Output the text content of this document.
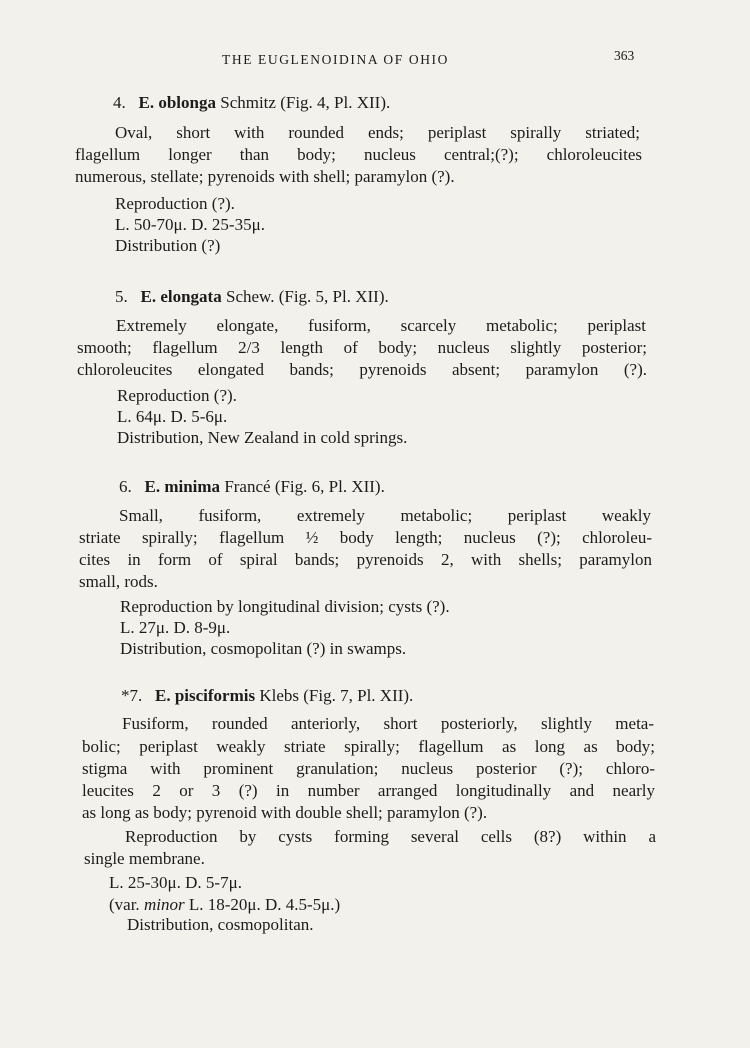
THE EUGLENOIDINA OF OHIO	363
4. E. oblonga Schmitz (Fig. 4, Pl. XII).
Oval, short with rounded ends; periplast spirally striated;
flagellum longer than body; nucleus central;(?); chloroleucites
numerous, stellate; pyrenoids with shell; paramylon (?).
Reproduction (?).
L. 50-70μ. D. 25-35μ.
Distribution (?)
5. E. elongata Schew. (Fig. 5, Pl. XII).
Extremely elongate, fusiform, scarcely metabolic; periplast
smooth; flagellum 2/3 length of body; nucleus slightly posterior;
chloroleucites elongated bands; pyrenoids absent; paramylon (?).
Reproduction (?).
L. 64μ. D. 5-6μ.
Distribution, New Zealand in cold springs.
6. E. minima Francé (Fig. 6, Pl. XII).
Small, fusiform, extremely metabolic; periplast weakly
striate spirally; flagellum ½ body length; nucleus (?); chloroleu-
cites in form of spiral bands; pyrenoids 2, with shells; paramylon
small, rods.
Reproduction by longitudinal division; cysts (?).
L. 27μ. D. 8-9μ.
Distribution, cosmopolitan (?) in swamps.
*7. E. pisciformis Klebs (Fig. 7, Pl. XII).
Fusiform, rounded anteriorly, short posteriorly, slightly meta-
bolic; periplast weakly striate spirally; flagellum as long as body;
stigma with prominent granulation; nucleus posterior (?); chloro-
leucites 2 or 3 (?) in number arranged longitudinally and nearly
as long as body; pyrenoid with double shell; paramylon (?).
Reproduction by cysts forming several cells (8?) within a
single membrane.
L. 25-30μ. D. 5-7μ.
(var. minor L. 18-20μ. D. 4.5-5μ.)
Distribution, cosmopolitan.
